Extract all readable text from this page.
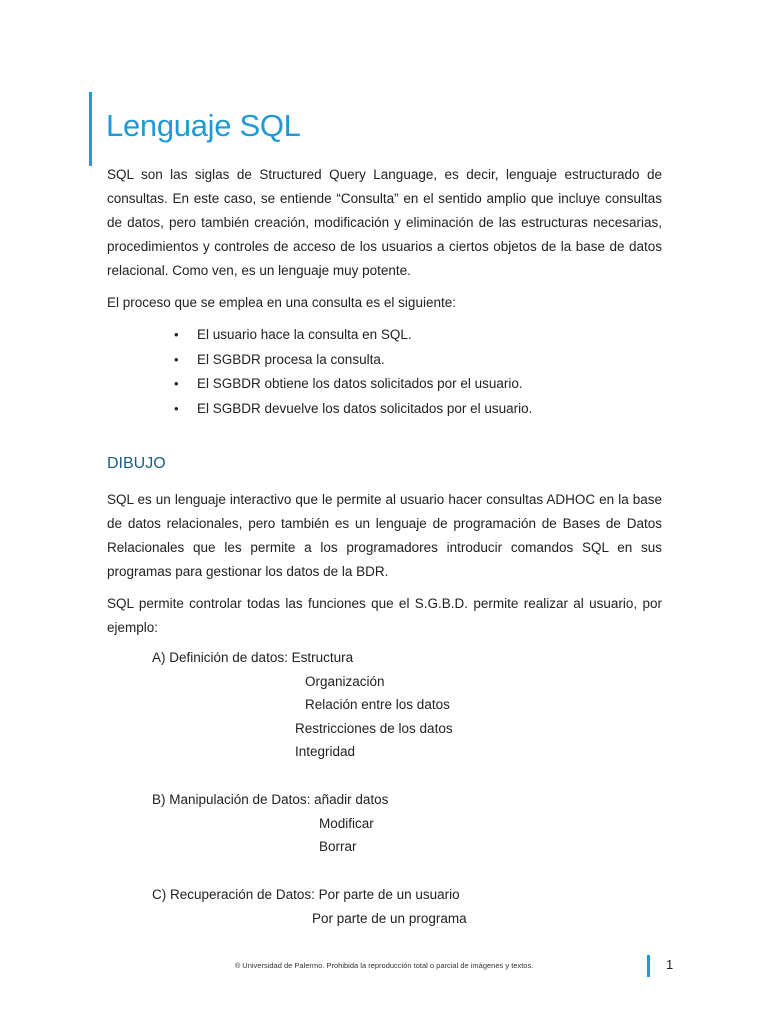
Lenguaje SQL

SQL son las siglas de Structured Query Language, es decir, lenguaje estructurado de consultas. En este caso, se entiende “Consulta” en el sentido amplio que incluye consultas de datos, pero también creación, modificación y eliminación de las estructuras necesarias, procedimientos y controles de acceso de los usuarios a ciertos objetos de la base de datos relacional. Como ven, es un lenguaje muy potente.

El proceso que se emplea en una consulta es el siguiente:

• El usuario hace la consulta en SQL.
• El SGBDR procesa la consulta.
• El SGBDR obtiene los datos solicitados por el usuario.
• El SGBDR devuelve los datos solicitados por el usuario.
DIBUJO

SQL es un lenguaje interactivo que le permite al usuario hacer consultas ADHOC en la base de datos relacionales, pero también es un lenguaje de programación de Bases de Datos Relacionales que les permite a los programadores introducir comandos SQL en sus programas para gestionar los datos de la BDR.

SQL permite controlar todas las funciones que el S.G.B.D. permite realizar al usuario, por ejemplo:

A) Definición de datos: Estructura
Organización
Relación entre los datos
Restricciones de los datos
Integridad
B) Manipulación de Datos: añadir datos
Modificar
Borrar
C) Recuperación de Datos: Por parte de un usuario
Por parte de un programa
® Universidad de Palermo. Prohibida la reproducción total o parcial de imágenes y textos.	1
